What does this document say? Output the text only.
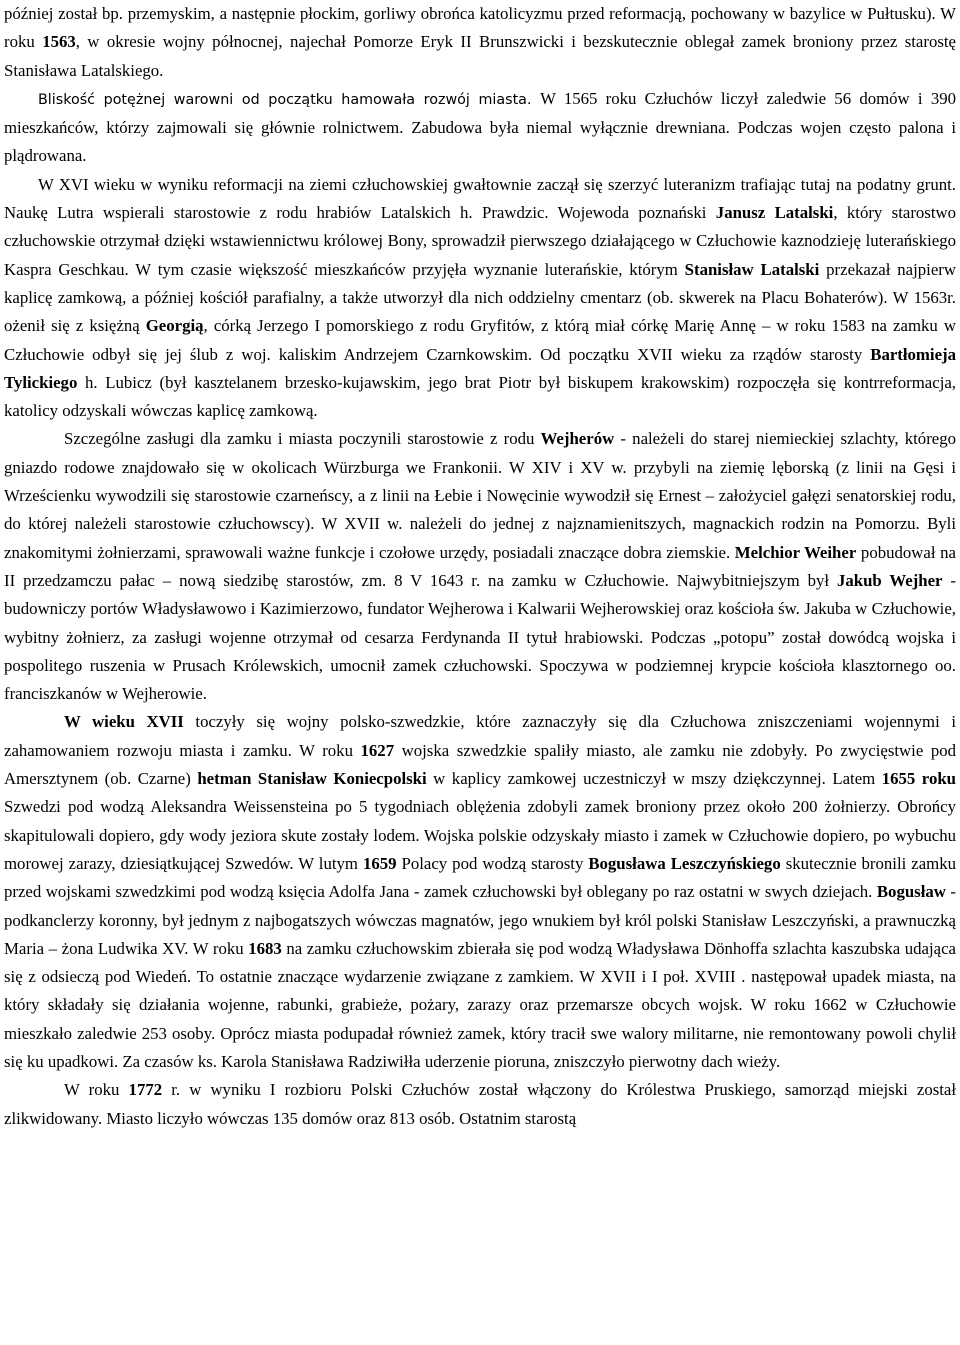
później został bp. przemyskim, a następnie płockim, gorliwy obrońca katolicyzmu przed reformacją, pochowany w bazylice w Pułtusku). W roku 1563, w okresie wojny północnej, najechał Pomorze Eryk II Brunszwicki i bezskutecznie oblegał zamek broniony przez starostę Stanisława Latalskiego.

Bliskość potężnej warowni od początku hamowała rozwój miasta. W 1565 roku Człuchów liczył zaledwie 56 domów i 390 mieszkańców, którzy zajmowali się głównie rolnictwem. Zabudowa była niemal wyłącznie drewniana. Podczas wojen często palona i plądrowana.

W XVI wieku w wyniku reformacji na ziemi człuchowskiej gwałtownie zaczął się szerzyć luteranizm trafiając tutaj na podatny grunt. Naukę Lutra wspierali starostowie z rodu hrabiów Latalskich h. Prawdzic. Wojewoda poznański Janusz Latalski, który starostwo człuchowskie otrzymał dzięki wstawiennictwu królowej Bony, sprowadził pierwszego działającego w Człuchowie kaznodzieję luterańskiego Kaspra Geschkau. W tym czasie większość mieszkańców przyjęła wyznanie luterańskie, którym Stanisław Latalski przekazał najpierw kaplicę zamkową, a później kościół parafialny, a także utworzył dla nich oddzielny cmentarz (ob. skwerek na Placu Bohaterów). W 1563r. ożenił się z księżną Georgią, córką Jerzego I pomorskiego z rodu Gryfitów, z którą miał córkę Marię Annę – w roku 1583 na zamku w Człuchowie odbył się jej ślub z woj. kaliskim Andrzejem Czarnkowskim. Od początku XVII wieku za rządów starosty Bartłomieja Tylickiego h. Lubicz (był kasztelanem brzesko-kujawskim, jego brat Piotr był biskupem krakowskim) rozpoczęła się kontrreformacja, katolicy odzyskali wówczas kaplicę zamkową.

Szczególne zasługi dla zamku i miasta poczynili starostowie z rodu Wejherów - należeli do starej niemieckiej szlachty, którego gniazdo rodowe znajdowało się w okolicach Würzburga we Frankonii. W XIV i XV w. przybyli na ziemię lęborską (z linii na Gęsi i Wrześcienku wywodzili się starostowie czarneńscy, a z linii na Łebie i Nowęcinie wywodził się Ernest – założyciel gałęzi senatorskiej rodu, do której należeli starostowie człuchowscy). W XVII w. należeli do jednej z najznamienitszych, magnackich rodzin na Pomorzu. Byli znakomitymi żołnierzami, sprawowali ważne funkcje i czołowe urzędy, posiadali znaczące dobra ziemskie. Melchior Weiher pobudował na II przedzamczu pałac – nową siedzibę starostów, zm. 8 V 1643 r. na zamku w Człuchowie. Najwybitniejszym był Jakub Wejher - budowniczy portów Władysławowo i Kazimierzowo, fundator Wejherowa i Kalwarii Wejherowskiej oraz kościoła św. Jakuba w Człuchowie, wybitny żołnierz, za zasługi wojenne otrzymał od cesarza Ferdynanda II tytuł hrabiowski. Podczas „potopu” został dowódcą wojska i pospolitego ruszenia w Prusach Królewskich, umocnił zamek człuchowski. Spoczywa w podziemnej krypcie kościoła klasztornego oo. franciszkanów w Wejherowie.

W wieku XVII toczyły się wojny polsko-szwedzkie, które zaznaczyły się dla Człuchowa zniszczeniami wojennymi i zahamowaniem rozwoju miasta i zamku. W roku 1627 wojska szwedzkie spaliły miasto, ale zamku nie zdobyły. Po zwycięstwie pod Amersztynem (ob. Czarne) hetman Stanisław Koniecpolski w kaplicy zamkowej uczestniczył w mszy dziękczynnej. Latem 1655 roku Szwedzi pod wodzą Aleksandra Weissensteina po 5 tygodniach oblężenia zdobyli zamek broniony przez około 200 żołnierzy. Obrońcy skapitulowali dopiero, gdy wody jeziora skute zostały lodem. Wojska polskie odzyskały miasto i zamek w Człuchowie dopiero, po wybuchu morowej zarazy, dziesiątkującej Szwedów. W lutym 1659 Polacy pod wodzą starosty Bogusława Leszczyńskiego skutecznie bronili zamku przed wojskami szwedzkimi pod wodzą księcia Adolfa Jana - zamek człuchowski był oblegany po raz ostatni w swych dziejach. Bogusław - podkanclerzy koronny, był jednym z najbogatszych wówczas magnatów, jego wnukiem był król polski Stanisław Leszczyński, a prawnuczką Maria – żona Ludwika XV. W roku 1683 na zamku człuchowskim zbierała się pod wodzą Władysława Dönhoffa szlachta kaszubska udająca się z odsieczą pod Wiedeń. To ostatnie znaczące wydarzenie związane z zamkiem. W XVII i I poł. XVIII . następował upadek miasta, na który składały się działania wojenne, rabunki, grabieże, pożary, zarazy oraz przemarsze obcych wojsk. W roku 1662 w Człuchowie mieszkało zaledwie 253 osoby. Oprócz miasta podupadał również zamek, który tracił swe walory militarne, nie remontowany powoli chylił się ku upadkowi. Za czasów ks. Karola Stanisława Radziwiłła uderzenie pioruna, zniszczyło pierwotny dach wieży.

W roku 1772 r. w wyniku I rozbioru Polski Człuchów został włączony do Królestwa Pruskiego, samorząd miejski został zlikwidowany. Miasto liczyło wówczas 135 domów oraz 813 osób. Ostatnim starostą
